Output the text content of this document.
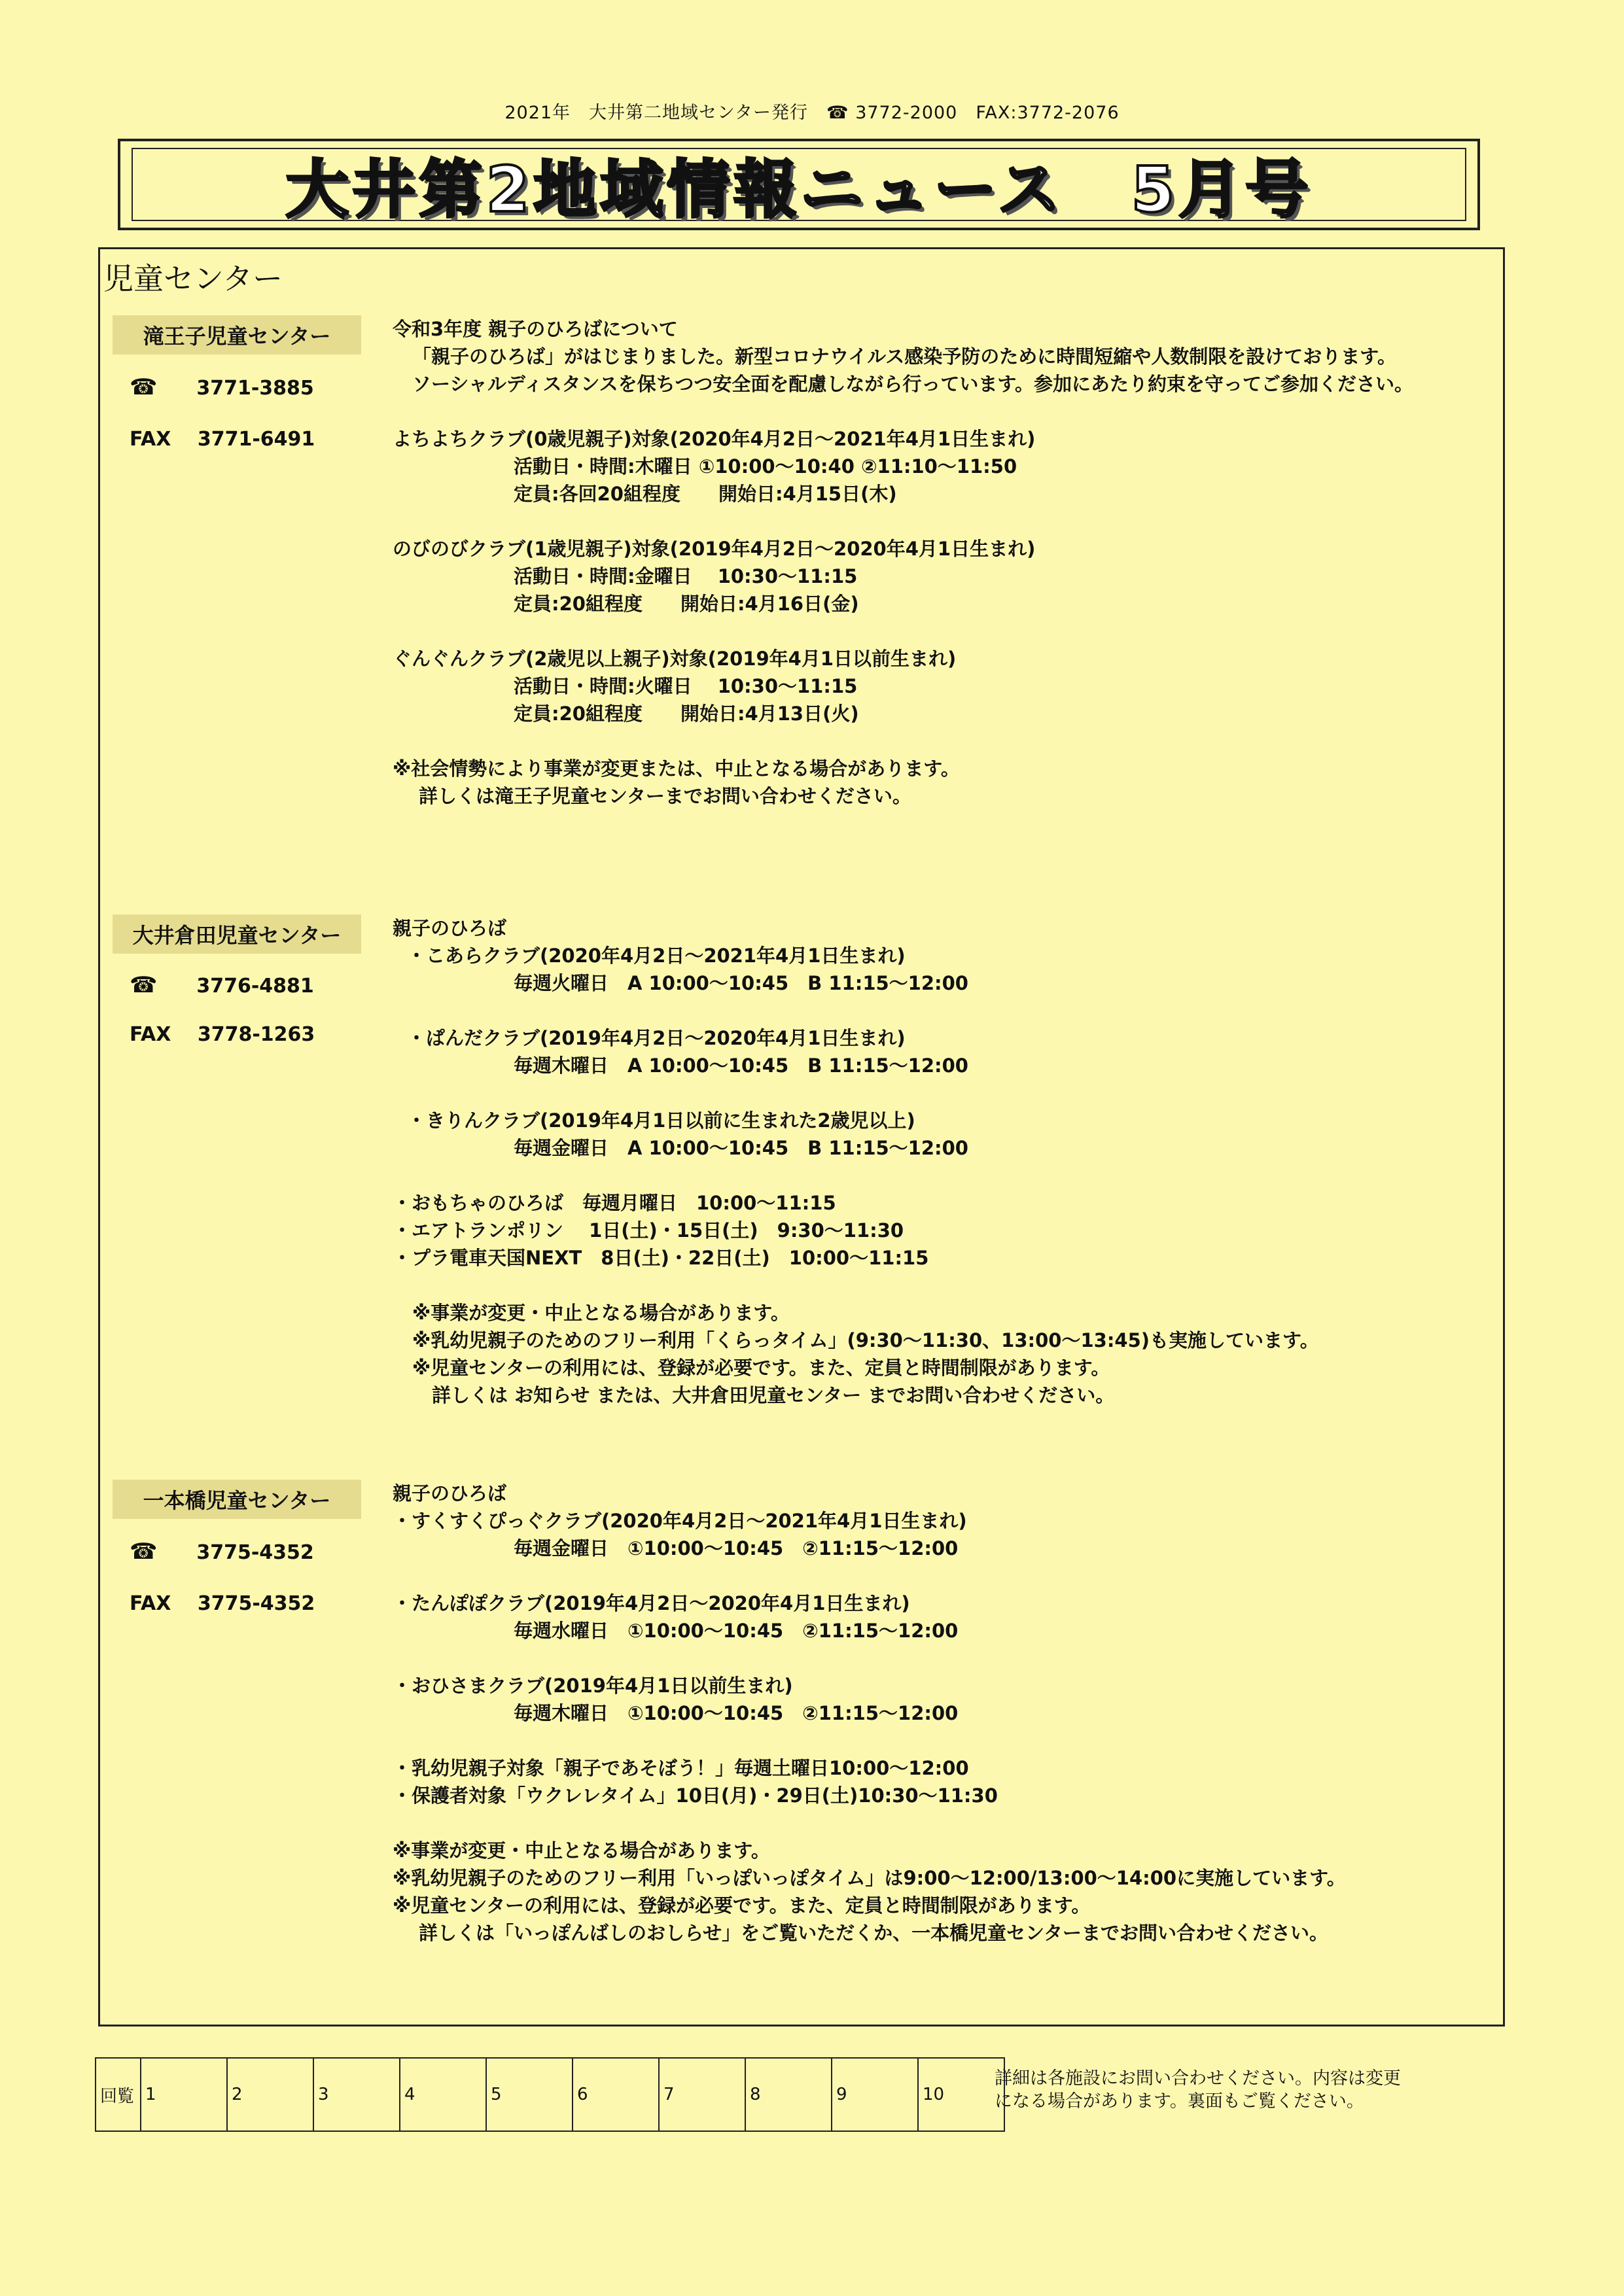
2021年　大井第二地域センター発行　☎ 3772-2000　FAX:3772-2076
大井第2地域情報ニュース　5月号
児童センター
滝王子児童センター
☎　　 3771-3885
FAX　 3771-6491
令和3年度 親子のひろばについて
「親子のひろば」がはじまりました。新型コロナウイルス感染予防のために時間短縮や人数制限を設けております。
ソーシャルディスタンスを保ちつつ安全面を配慮しながら行っています。参加にあたり約束を守ってご参加ください。
よちよちクラブ(0歳児親子)対象(2020年4月2日～2021年4月1日生まれ)
活動日・時間:木曜日 ①10:00～10:40 ②11:10～11:50
定員:各回20組程度　　開始日:4月15日(木)
のびのびクラブ(1歳児親子)対象(2019年4月2日～2020年4月1日生まれ)
活動日・時間:金曜日　 10:30～11:15
定員:20組程度　　開始日:4月16日(金)
ぐんぐんクラブ(2歳児以上親子)対象(2019年4月1日以前生まれ)
活動日・時間:火曜日　 10:30～11:15
定員:20組程度　　開始日:4月13日(火)
※社会情勢により事業が変更または、中止となる場合があります。
詳しくは滝王子児童センターまでお問い合わせください。
大井倉田児童センター
☎　　 3776-4881
FAX　 3778-1263
親子のひろば
・こあらクラブ(2020年4月2日～2021年4月1日生まれ)
毎週火曜日　A 10:00～10:45　B 11:15～12:00
・ぱんだクラブ(2019年4月2日～2020年4月1日生まれ)
毎週木曜日　A 10:00～10:45　B 11:15～12:00
・きりんクラブ(2019年4月1日以前に生まれた2歳児以上)
毎週金曜日　A 10:00～10:45　B 11:15～12:00
・おもちゃのひろば　毎週月曜日　10:00～11:15
・エアトランポリン　 1日(土)・15日(土)　9:30～11:30
・プラ電車天国NEXT　8日(土)・22日(土)　10:00～11:15
※事業が変更・中止となる場合があります。
※乳幼児親子のためのフリー利用「くらっタイム」(9:30～11:30、13:00～13:45)も実施しています。
※児童センターの利用には、登録が必要です。また、定員と時間制限があります。
詳しくは お知らせ または、大井倉田児童センター までお問い合わせください。
一本橋児童センター
☎　　 3775-4352
FAX　 3775-4352
親子のひろば
・すくすくぴっぐクラブ(2020年4月2日～2021年4月1日生まれ)
毎週金曜日　①10:00～10:45　②11:15～12:00
・たんぽぽクラブ(2019年4月2日～2020年4月1日生まれ)
毎週水曜日　①10:00～10:45　②11:15～12:00
・おひさまクラブ(2019年4月1日以前生まれ)
毎週木曜日　①10:00～10:45　②11:15～12:00
・乳幼児親子対象「親子であそぼう！」毎週土曜日10:00～12:00
・保護者対象「ウクレレタイム」10日(月)・29日(土)10:30～11:30
※事業が変更・中止となる場合があります。
※乳幼児親子のためのフリー利用「いっぽいっぽタイム」は9:00～12:00/13:00～14:00に実施しています。
※児童センターの利用には、登録が必要です。また、定員と時間制限があります。
詳しくは「いっぽんばしのおしらせ」をご覧いただくか、一本橋児童センターまでお問い合わせください。
回覧	1	2	3	4	5	6	7	8	9	10
詳細は各施設にお問い合わせください。内容は変更になる場合があります。裏面もご覧ください。
